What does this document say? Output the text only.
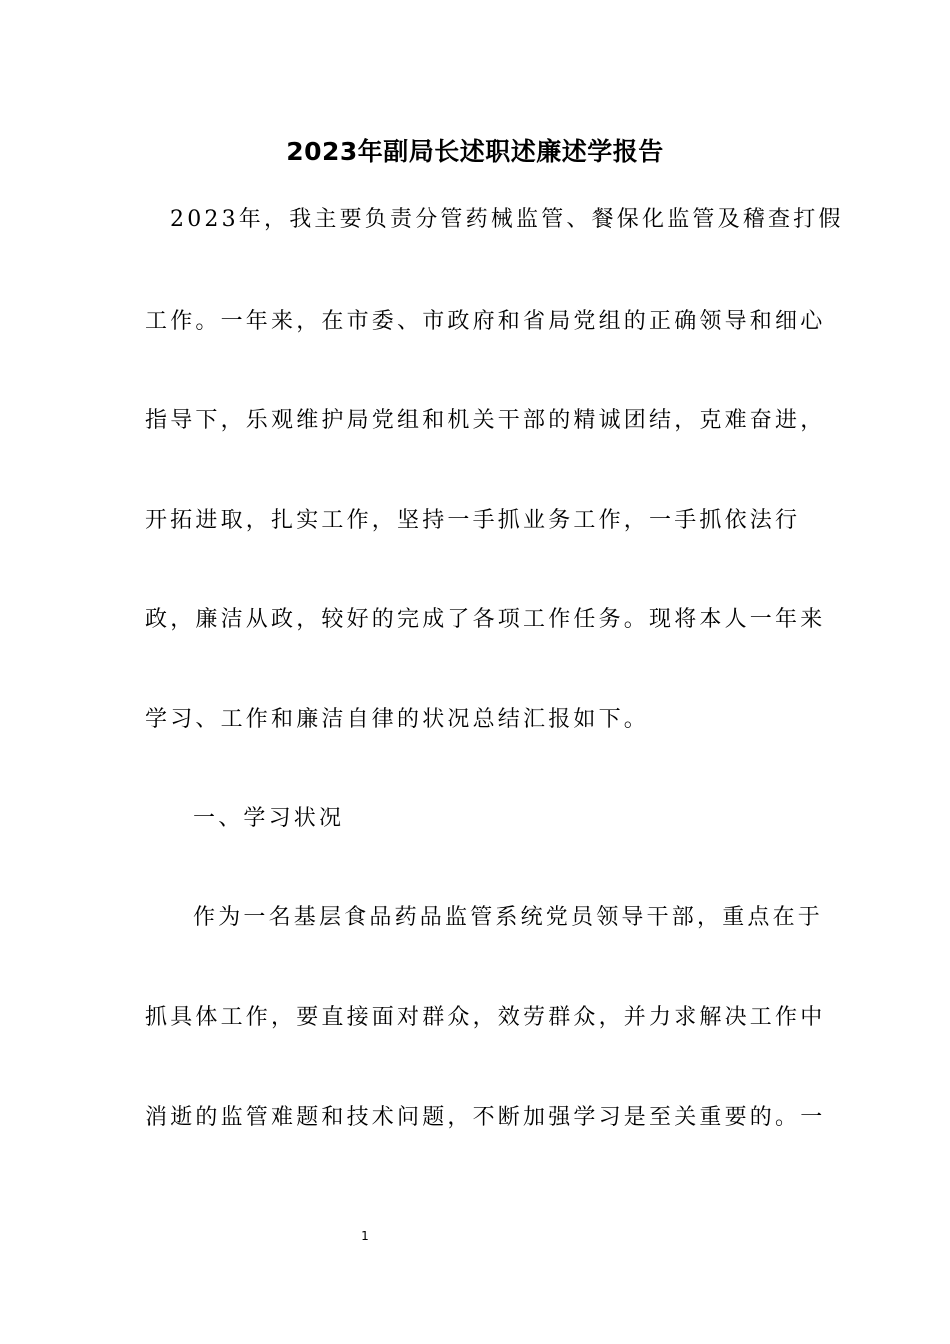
2023年副局长述职述廉述学报告
2023年，我主要负责分管药械监管、餐保化监管及稽查打假
工作。一年来，在市委、市政府和省局党组的正确领导和细心
指导下，乐观维护局党组和机关干部的精诚团结，克难奋进，
开拓进取，扎实工作，坚持一手抓业务工作，一手抓依法行
政，廉洁从政，较好的完成了各项工作任务。现将本人一年来
学习、工作和廉洁自律的状况总结汇报如下。
一、学习状况
作为一名基层食品药品监管系统党员领导干部，重点在于
抓具体工作，要直接面对群众，效劳群众，并力求解决工作中
消逝的监管难题和技术问题，不断加强学习是至关重要的。一
1
